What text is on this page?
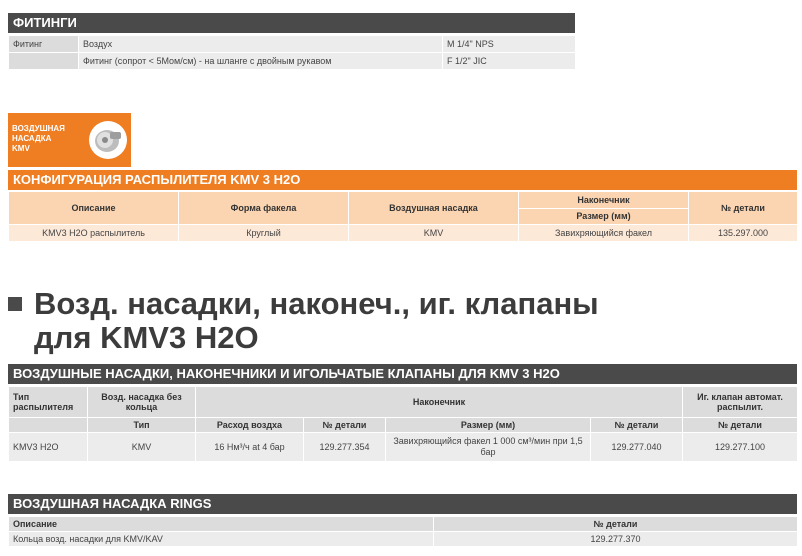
ФИТИНГИ
Фитинг	Воздух	M 1/4" NPS
	Фитинг (сопрот < 5Мом/см) - на шланге с двойным рукавом	F 1/2" JIC
ВОЗДУШНАЯ
НАСАДКА
KMV
КОНФИГУРАЦИЯ РАСПЫЛИТЕЛЯ KMV 3 H2O
Описание	Форма факела	Воздушная насадка	Наконечник	№ детали
			Размер (мм)	
KMV3 H2O распылитель	Круглый	KMV	Завихряющийся факел	135.297.000
Возд. насадки, наконеч., иг. клапаны
для KMV3 H2O
ВОЗДУШНЫЕ НАСАДКИ, НАКОНЕЧНИКИ И ИГОЛЬЧАТЫЕ КЛАПАНЫ ДЛЯ KMV 3 H2O
Тип распылителя	Возд. насадка без кольца	Наконечник				Иг. клапан автомат. распылит.
	Тип	Расход воздха	№ детали	Размер (мм)	№ детали	№ детали
KMV3 H2O	KMV	16 Нм³/ч at 4 бар	129.277.354	Завихряющийся факел 1 000 см³/мин при 1,5 бар	129.277.040	129.277.100
ВОЗДУШНАЯ НАСАДКА RINGS
Описание	№ детали
Кольца возд. насадки для KMV/KAV	129.277.370
